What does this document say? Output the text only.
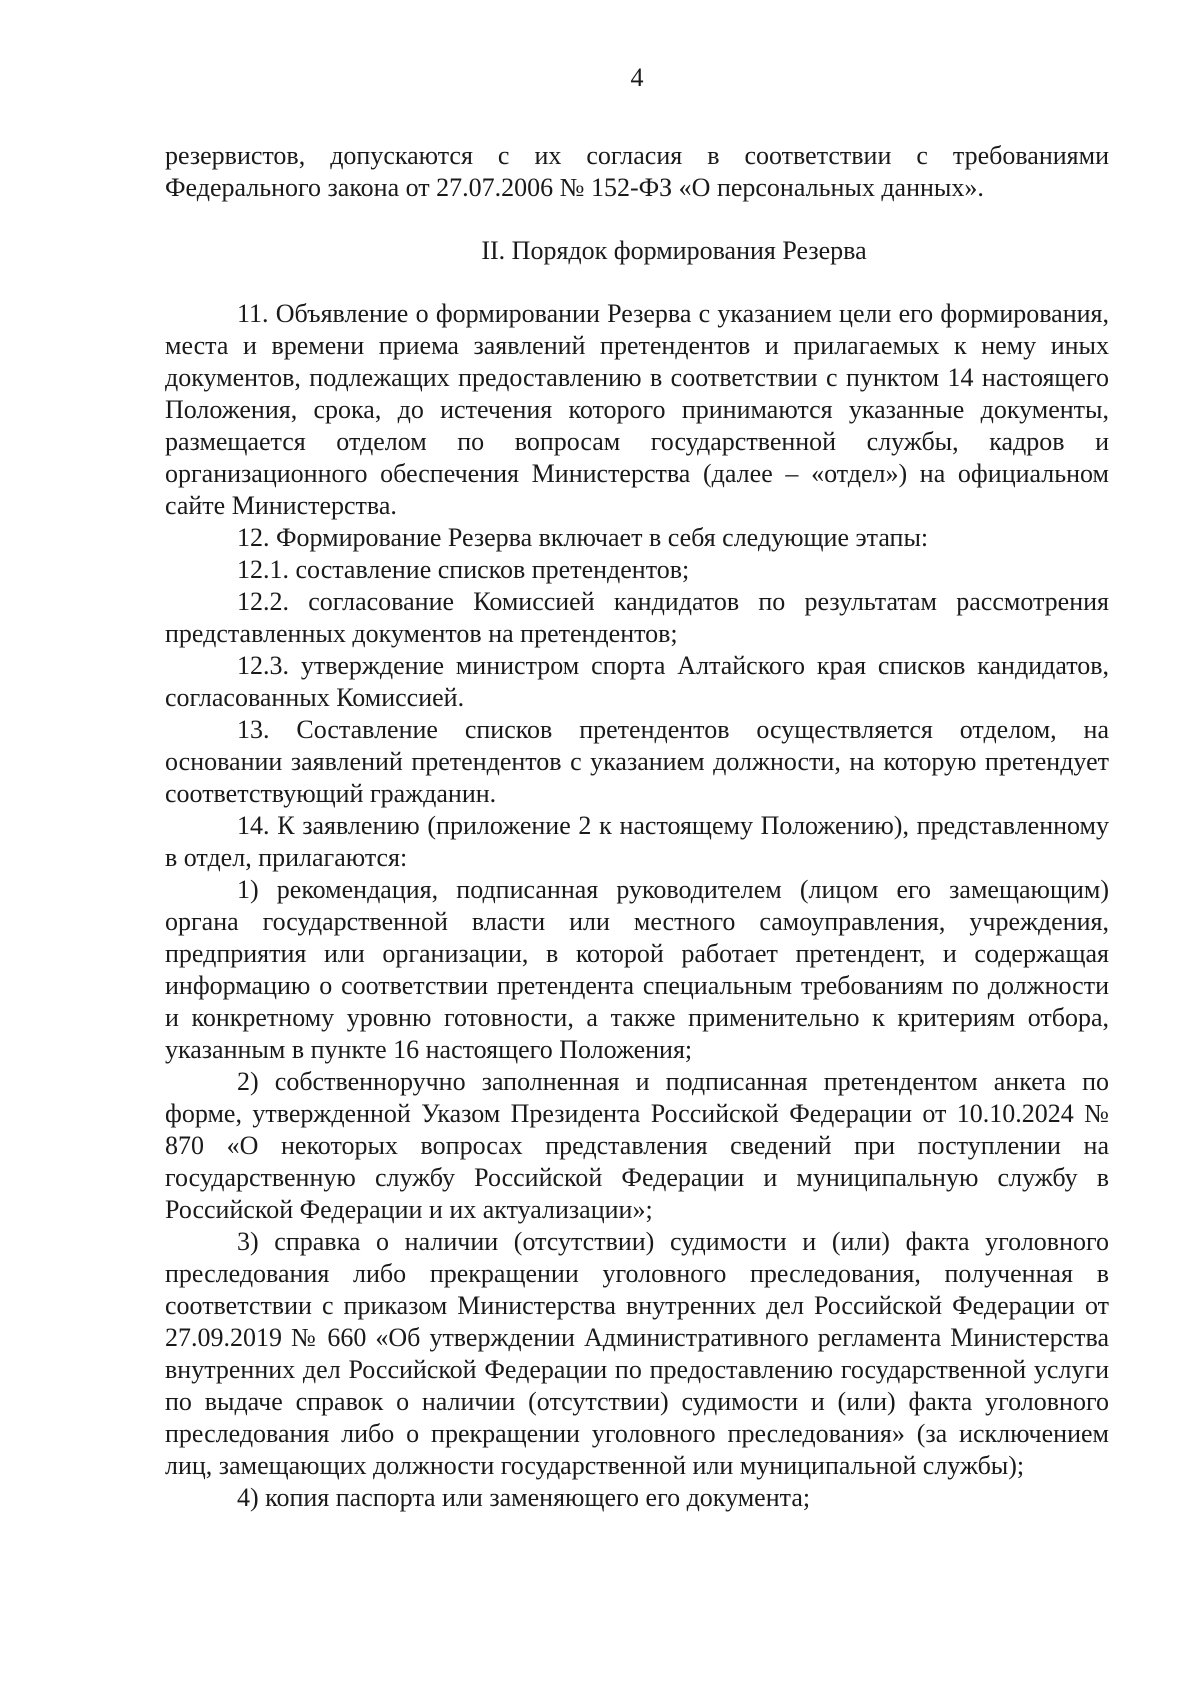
4

резервистов, допускаются с их согласия в соответствии с требованиями Федерального закона от 27.07.2006 № 152-ФЗ «О персональных данных».

II. Порядок формирования Резерва

11. Объявление о формировании Резерва с указанием цели его формирования, места и времени приема заявлений претендентов и прилагаемых к нему иных документов, подлежащих предоставлению в соответствии с пунктом 14 настоящего Положения, срока, до истечения которого принимаются указанные документы, размещается отделом по вопросам государственной службы, кадров и организационного обеспечения Министерства (далее – «отдел») на официальном сайте Министерства.

12. Формирование Резерва включает в себя следующие этапы:

12.1. составление списков претендентов;

12.2. согласование Комиссией кандидатов по результатам рассмотрения представленных документов на претендентов;

12.3. утверждение министром спорта Алтайского края списков кандидатов, согласованных Комиссией.

13. Составление списков претендентов осуществляется отделом, на основании заявлений претендентов с указанием должности, на которую претендует соответствующий гражданин.

14. К заявлению (приложение 2 к настоящему Положению), представленному в отдел, прилагаются:

1) рекомендация, подписанная руководителем (лицом его замещающим) органа государственной власти или местного самоуправления, учреждения, предприятия или организации, в которой работает претендент, и содержащая информацию о соответствии претендента специальным требованиям по должности и конкретному уровню готовности, а также применительно к критериям отбора, указанным в пункте 16 настоящего Положения;

2) собственноручно заполненная и подписанная претендентом анкета по форме, утвержденной Указом Президента Российской Федерации от 10.10.2024 № 870 «О некоторых вопросах представления сведений при поступлении на государственную службу Российской Федерации и муниципальную службу в Российской Федерации и их актуализации»;

3) справка о наличии (отсутствии) судимости и (или) факта уголовного преследования либо прекращении уголовного преследования, полученная в соответствии с приказом Министерства внутренних дел Российской Федерации от 27.09.2019 № 660 «Об утверждении Административного регламента Министерства внутренних дел Российской Федерации по предоставлению государственной услуги по выдаче справок о наличии (отсутствии) судимости и (или) факта уголовного преследования либо о прекращении уголовного преследования» (за исключением лиц, замещающих должности государственной или муниципальной службы);

4) копия паспорта или заменяющего его документа;
